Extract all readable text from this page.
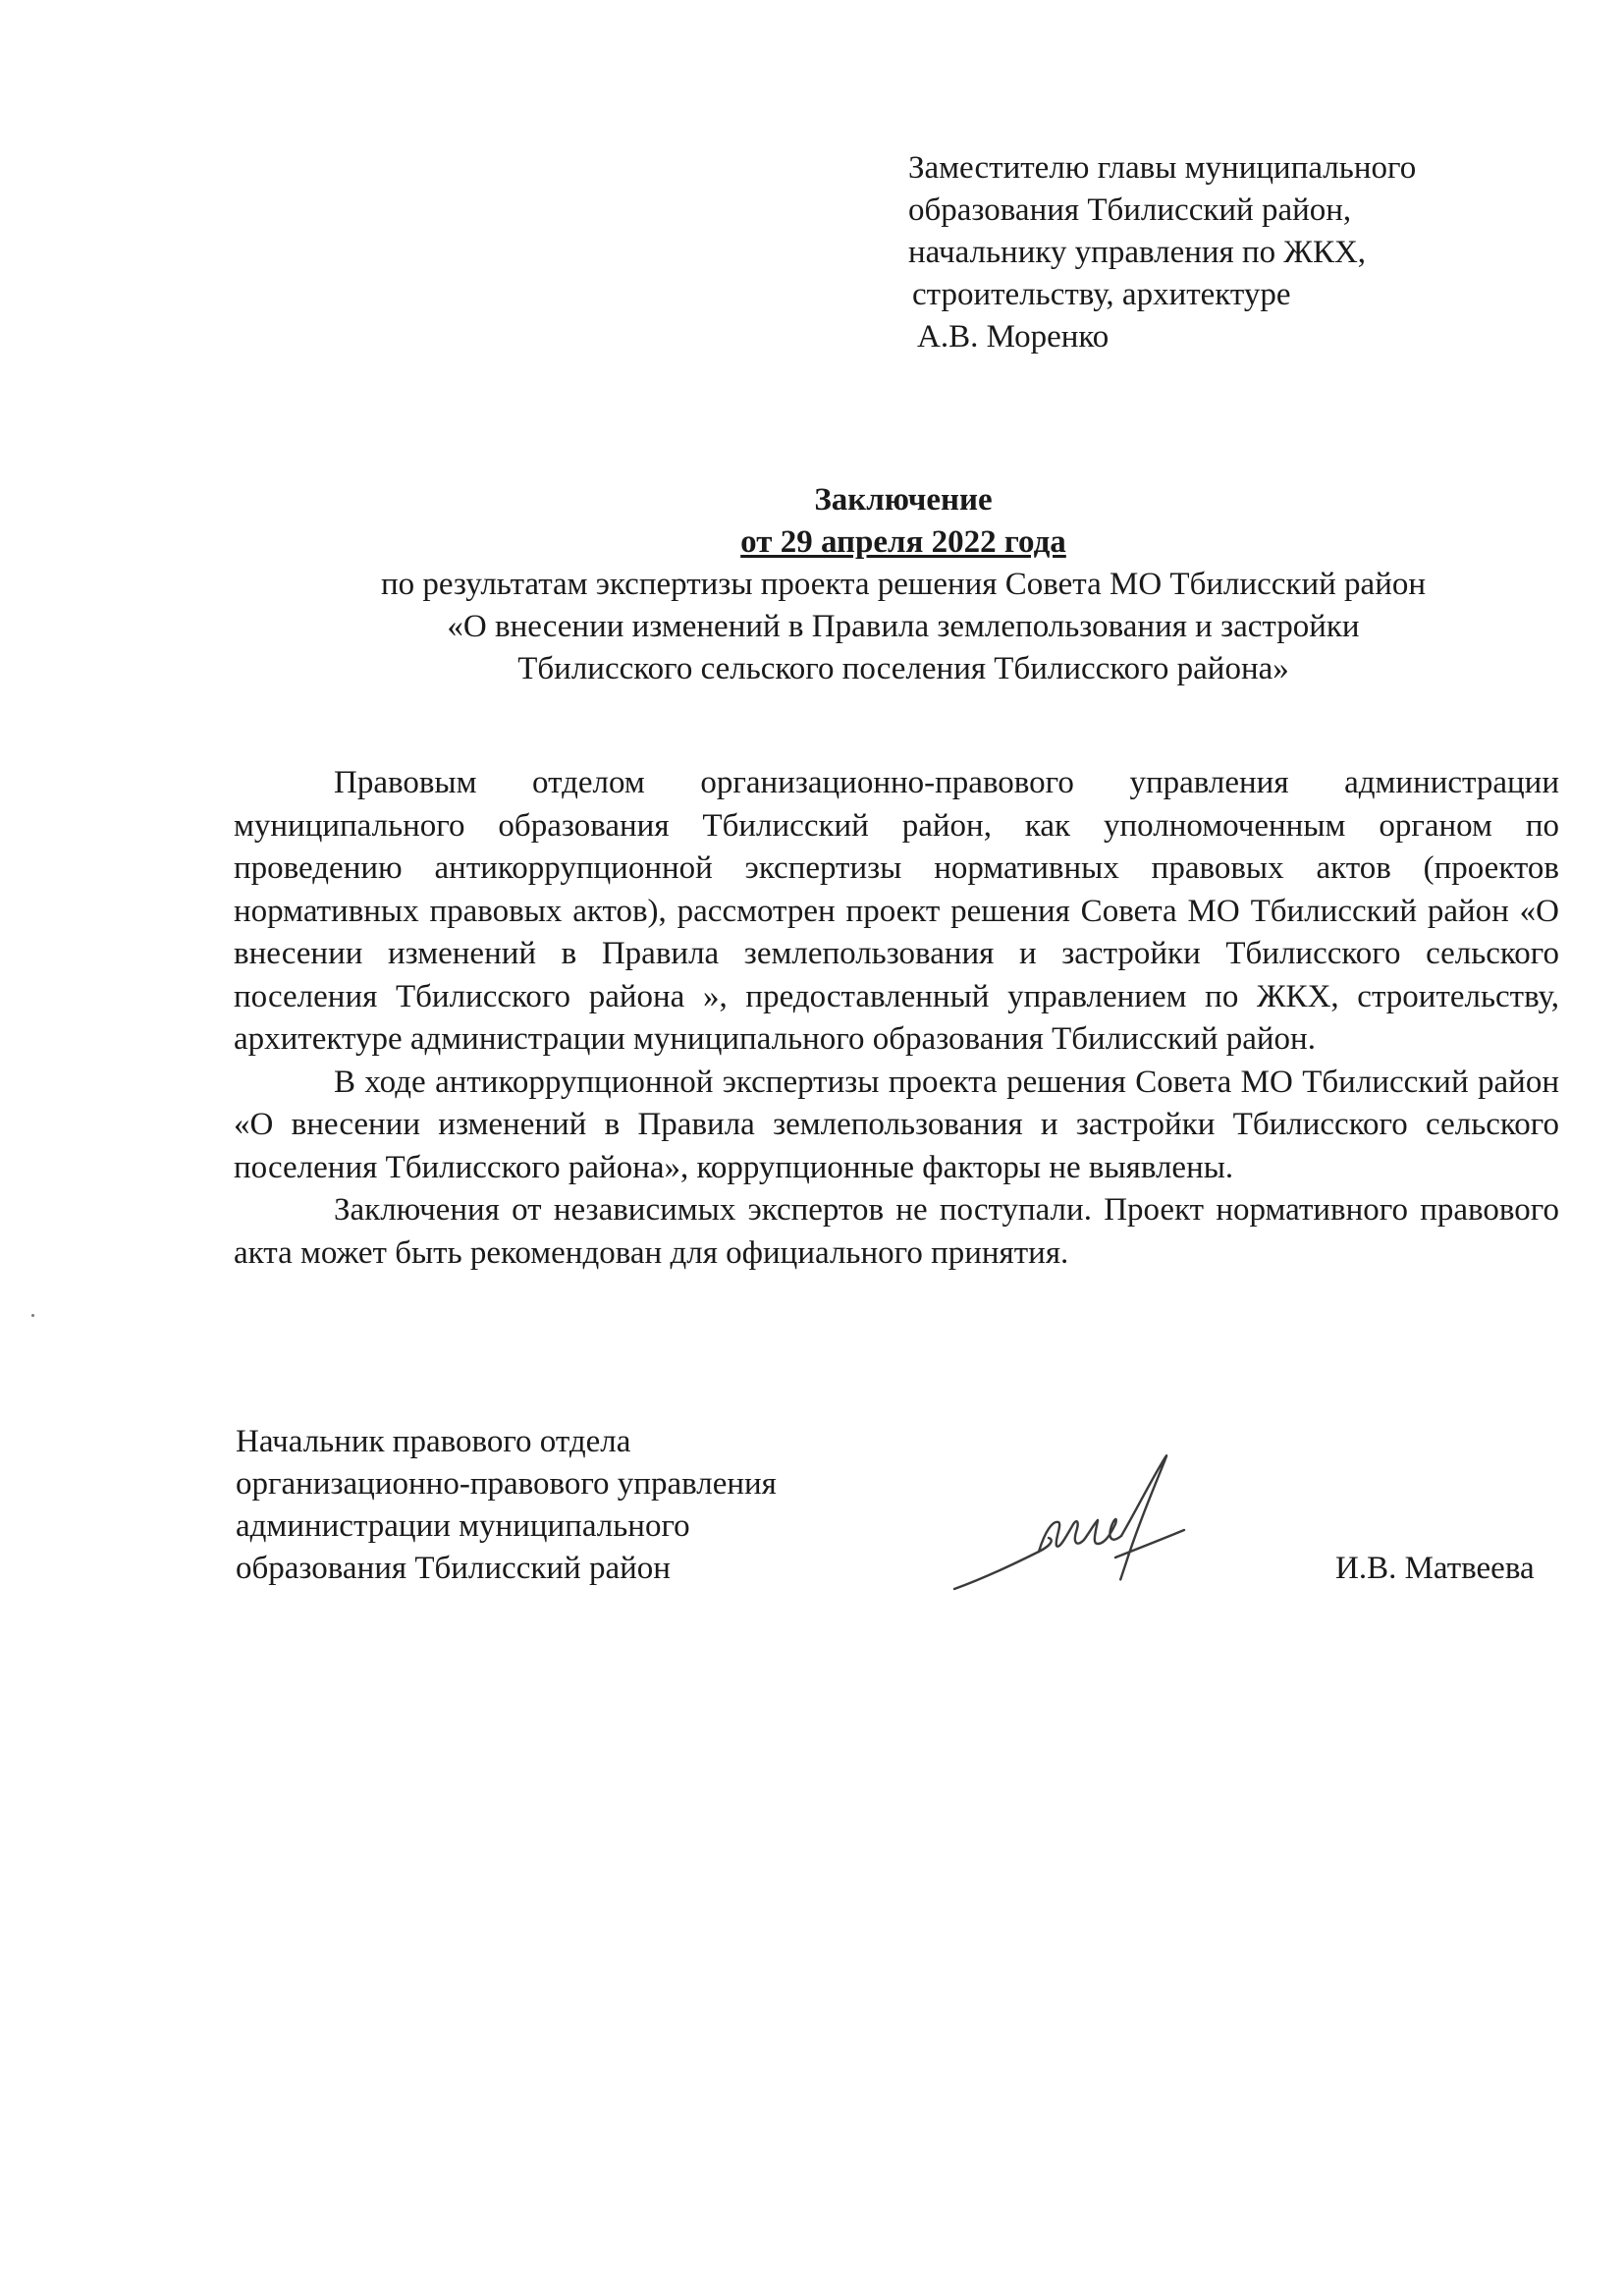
Заместителю главы муниципального
образования Тбилисский район,
начальнику управления по ЖКХ,
строительству, архитектуре
А.В. Моренко
Заключение
от 29 апреля 2022 года
по результатам экспертизы проекта решения Совета МО Тбилисский район
«О внесении изменений в Правила землепользования и застройки
Тбилисского сельского поселения Тбилисского района»

Правовым отделом организационно-правового управления администрации муниципального образования Тбилисский район, как уполномоченным органом по проведению антикоррупционной экспертизы нормативных правовых актов (проектов нормативных правовых актов), рассмотрен проект решения Совета МО Тбилисский район «О внесении изменений в Правила землепользования и застройки Тбилисского сельского поселения Тбилисского района », предоставленный управлением по ЖКХ, строительству, архитектуре администрации муниципального образования Тбилисский район.

В ходе антикоррупционной экспертизы проекта решения Совета МО Тбилисский район «О внесении изменений в Правила землепользования и застройки Тбилисского сельского поселения Тбилисского района», коррупционные факторы не выявлены.

Заключения от независимых экспертов не поступали. Проект нормативного правового акта может быть рекомендован для официального принятия.

Начальник правового отдела
организационно-правового управления
администрации муниципального
образования Тбилисский район	И.В. Матвеева
